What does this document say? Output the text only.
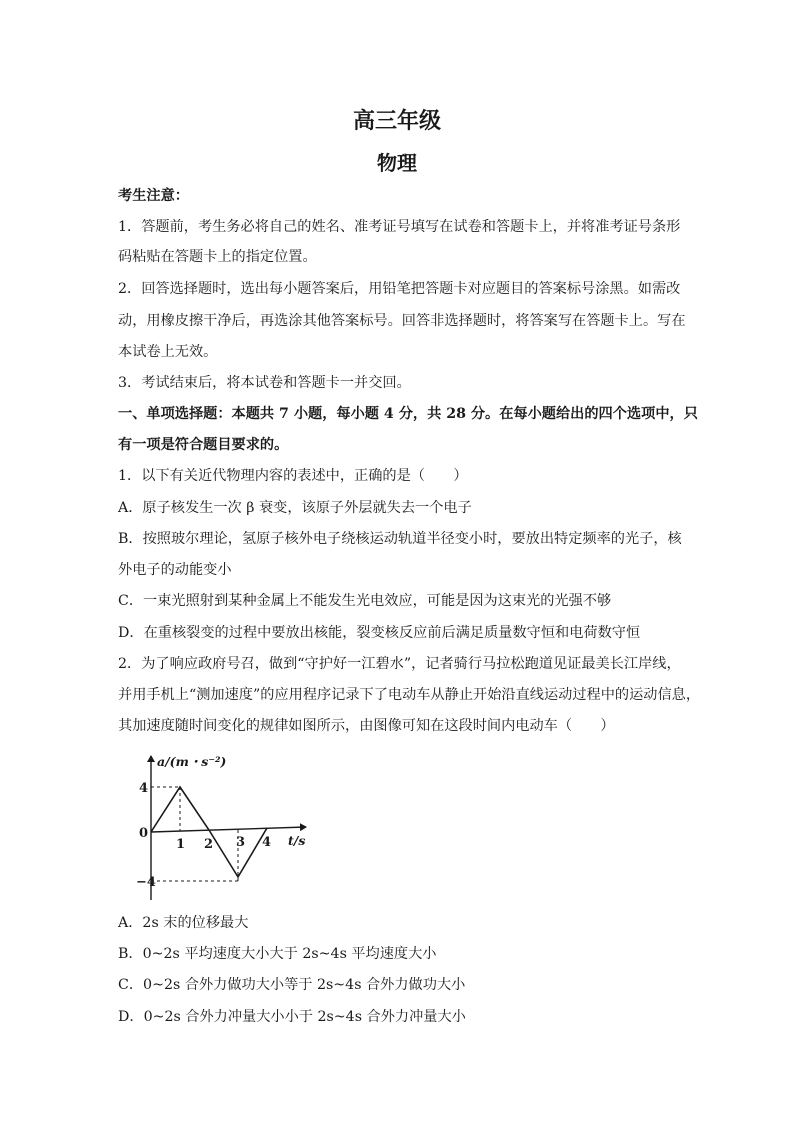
高三年级
物理
考生注意：
1．答题前，考生务必将自己的姓名、准考证号填写在试卷和答题卡上，并将准考证号条形
码粘贴在答题卡上的指定位置。
2．回答选择题时，选出每小题答案后，用铅笔把答题卡对应题目的答案标号涂黑。如需改
动，用橡皮擦干净后，再选涂其他答案标号。回答非选择题时，将答案写在答题卡上。写在
本试卷上无效。
3．考试结束后，将本试卷和答题卡一并交回。
一、单项选择题：本题共 7 小题，每小题 4 分，共 28 分。在每小题给出的四个选项中，只
有一项是符合题目要求的。
1．以下有关近代物理内容的表述中，正确的是（　　）
A．原子核发生一次 β 衰变，该原子外层就失去一个电子
B．按照玻尔理论，氢原子核外电子绕核运动轨道半径变小时，要放出特定频率的光子，核
外电子的动能变小
C．一束光照射到某种金属上不能发生光电效应，可能是因为这束光的光强不够
D．在重核裂变的过程中要放出核能，裂变核反应前后满足质量数守恒和电荷数守恒
2．为了响应政府号召，做到“守护好一江碧水”，记者骑行马拉松跑道见证最美长江岸线，
并用手机上“测加速度”的应用程序记录下了电动车从静止开始沿直线运动过程中的运动信息，
其加速度随时间变化的规律如图所示，由图像可知在这段时间内电动车（　　）
a/(m・s⁻²)
4
0
−4
1 2 3 4 t/s
A．2s 末的位移最大
B．0~2s 平均速度大小大于 2s~4s 平均速度大小
C．0~2s 合外力做功大小等于 2s~4s 合外力做功大小
D．0~2s 合外力冲量大小小于 2s~4s 合外力冲量大小
